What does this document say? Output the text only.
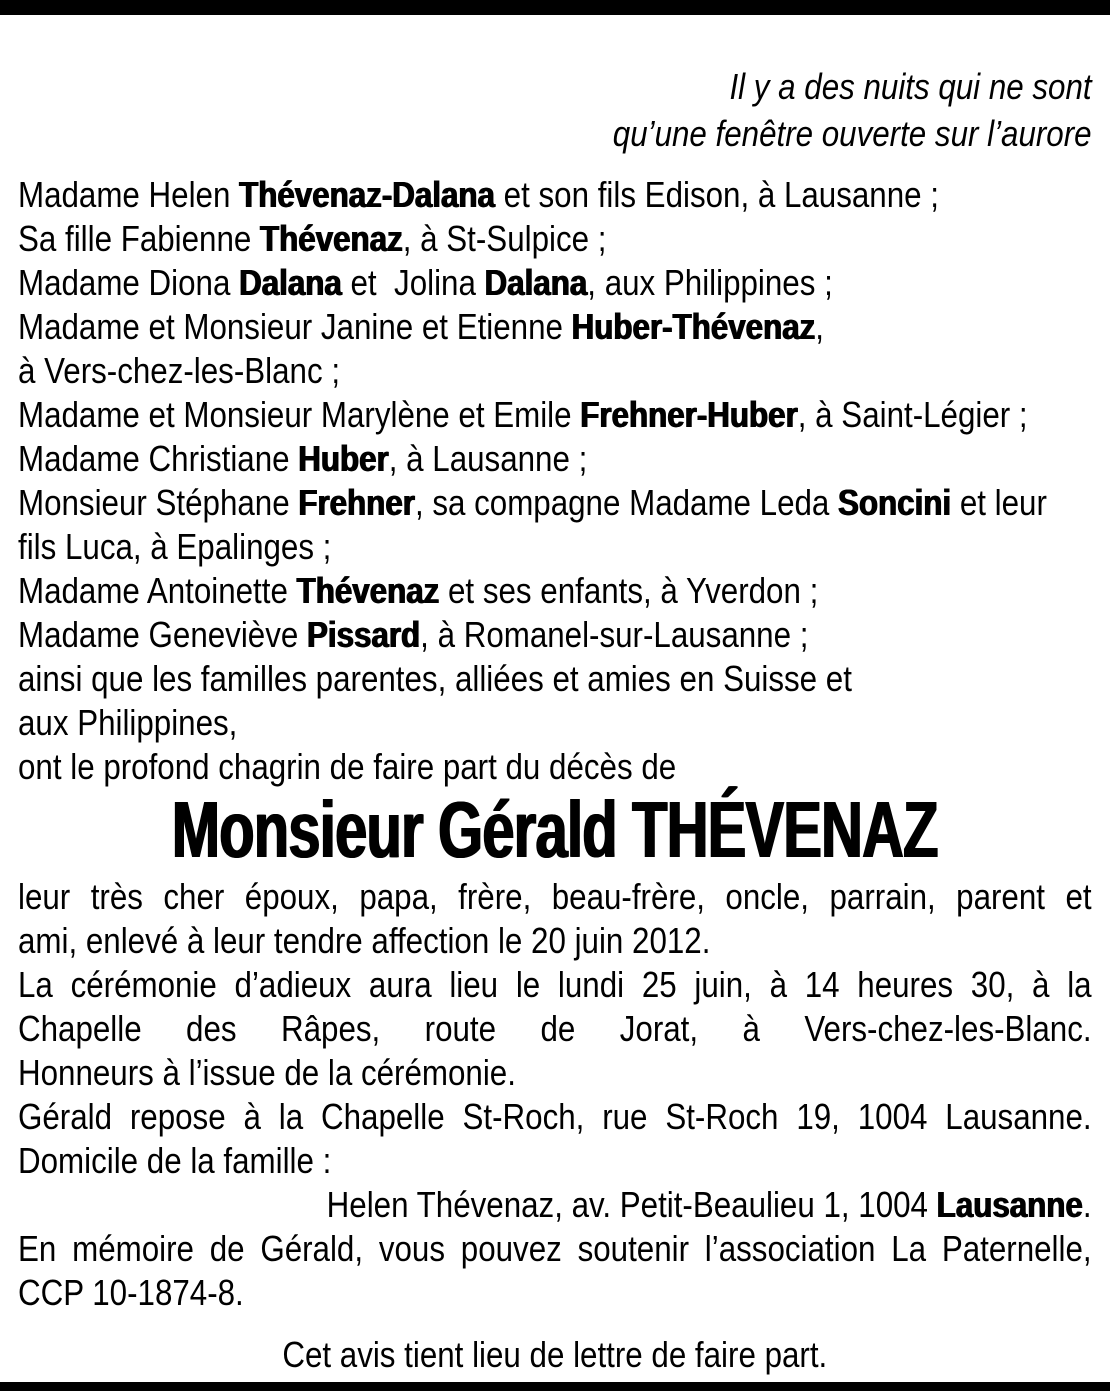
Il y a des nuits qui ne sont
qu’une fenêtre ouverte sur l’aurore
Madame Helen Thévenaz-Dalana et son fils Edison, à Lausanne ;
Sa fille Fabienne Thévenaz, à St-Sulpice ;
Madame Diona Dalana et  Jolina Dalana, aux Philippines ;
Madame et Monsieur Janine et Etienne Huber-Thévenaz,
à Vers-chez-les-Blanc ;
Madame et Monsieur Marylène et Emile Frehner-Huber, à Saint-Légier ;
Madame Christiane Huber, à Lausanne ;
Monsieur Stéphane Frehner, sa compagne Madame Leda Soncini et leur
fils Luca, à Epalinges ;
Madame Antoinette Thévenaz et ses enfants, à Yverdon ;
Madame Geneviève Pissard, à Romanel-sur-Lausanne ;
ainsi que les familles parentes, alliées et amies en Suisse et
aux Philippines,
ont le profond chagrin de faire part du décès de
Monsieur Gérald THÉVENAZ
leur très cher époux, papa, frère, beau-frère, oncle, parrain, parent et
ami, enlevé à leur tendre affection le 20 juin 2012.
La cérémonie d’adieux aura lieu le lundi 25 juin, à 14 heures 30, à la
Chapelle des Râpes, route de Jorat, à Vers-chez-les-Blanc.
Honneurs à l’issue de la cérémonie.
Gérald repose à la Chapelle St-Roch, rue St-Roch 19, 1004 Lausanne.
Domicile de la famille :
Helen Thévenaz, av. Petit-Beaulieu 1, 1004 Lausanne.
En mémoire de Gérald, vous pouvez soutenir l’association La Paternelle,
CCP 10-1874-8.
Cet avis tient lieu de lettre de faire part.
